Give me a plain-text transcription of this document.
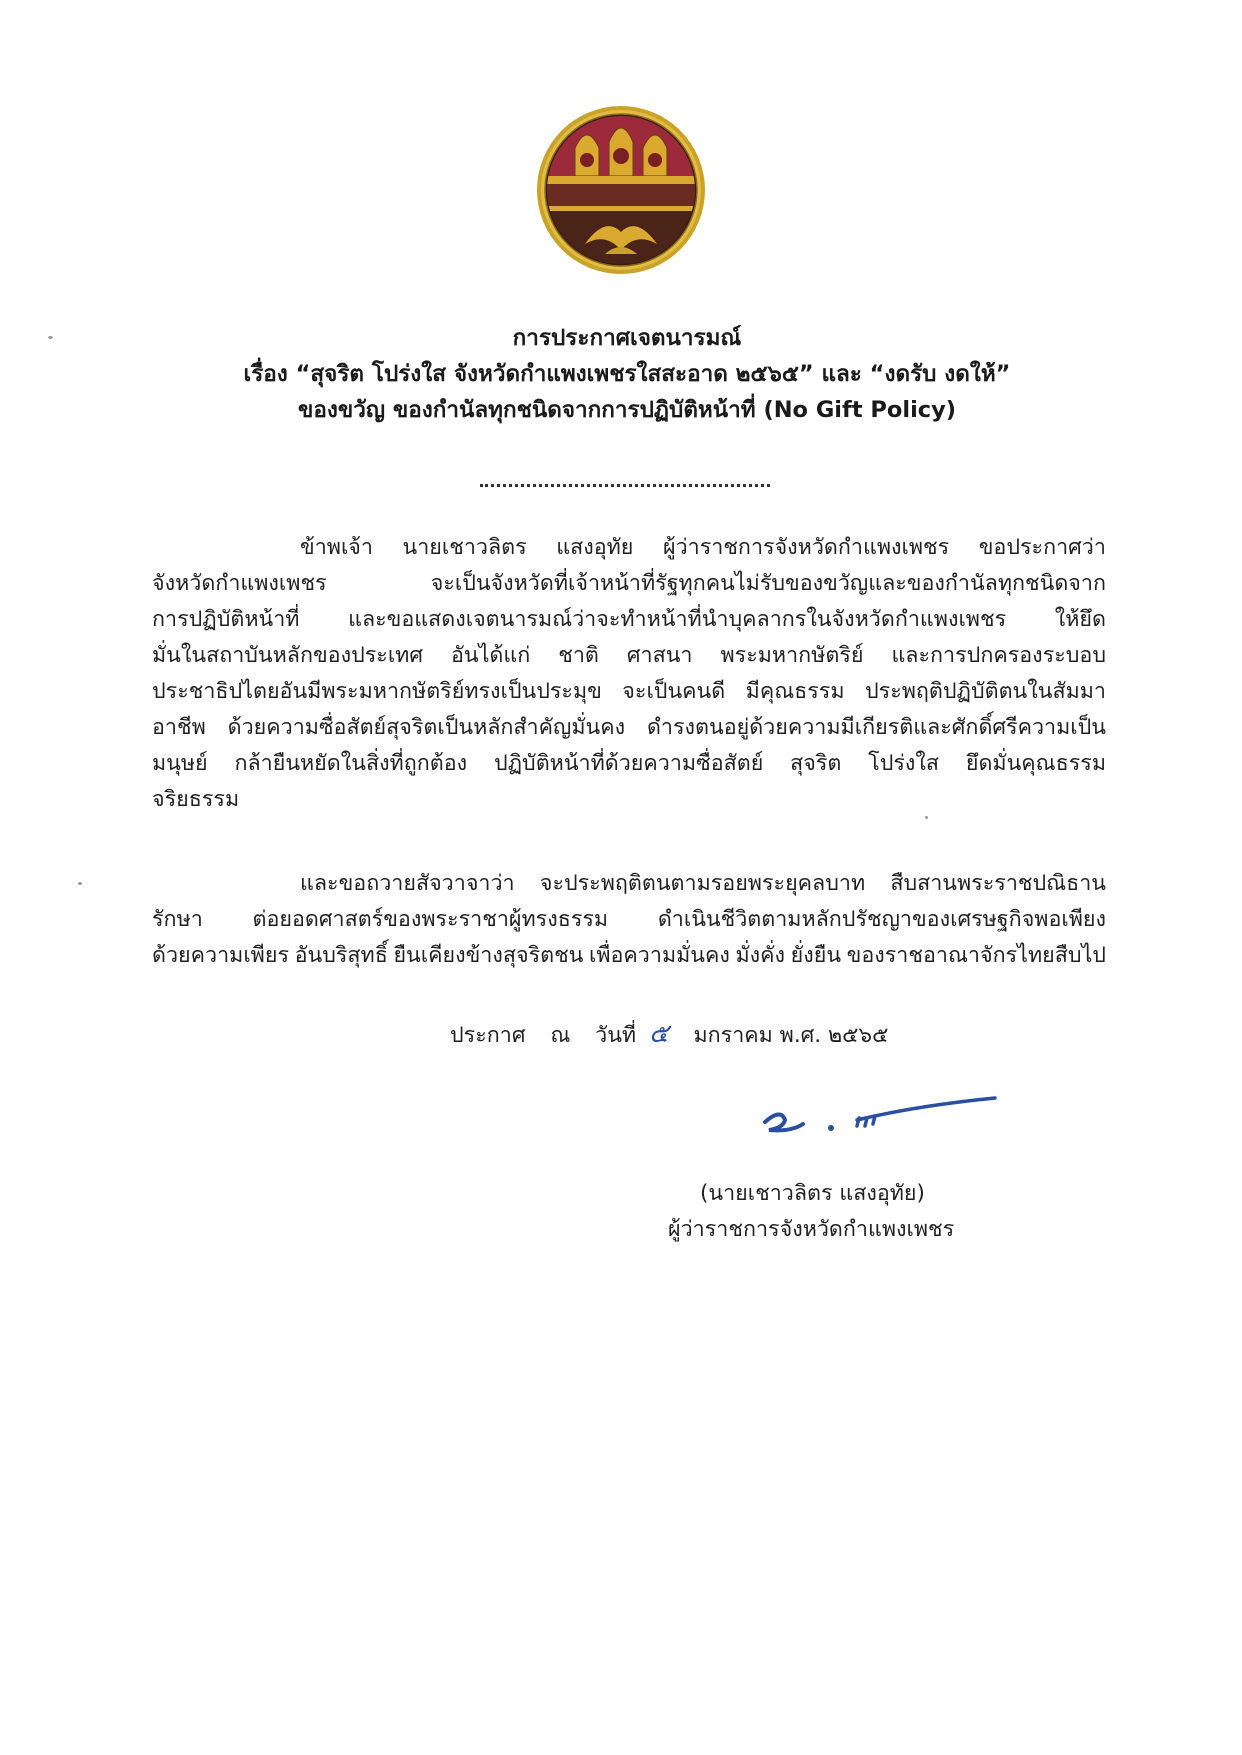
การประกาศเจตนารมณ์
เรื่อง “สุจริต โปร่งใส จังหวัดกำแพงเพชรใสสะอาด ๒๕๖๕” และ “งดรับ งดให้”
ของขวัญ ของกำนัลทุกชนิดจากการปฏิบัติหน้าที่ (No Gift Policy)
ข้าพเจ้า นายเชาวลิตร แสงอุทัย ผู้ว่าราชการจังหวัดกำแพงเพชร ขอประกาศว่า
จังหวัดกำแพงเพชร	จะเป็นจังหวัดที่เจ้าหน้าที่รัฐทุกคนไม่รับของขวัญและของกำนัลทุกชนิดจาก
การปฏิบัติหน้าที่ และขอแสดงเจตนารมณ์ว่าจะทำหน้าที่นำบุคลากรในจังหวัดกำแพงเพชร ให้ยึด
มั่นในสถาบันหลักของประเทศ อันได้แก่ ชาติ ศาสนา พระมหากษัตริย์ และการปกครองระบอบ
ประชาธิปไตยอันมีพระมหากษัตริย์ทรงเป็นประมุข จะเป็นคนดี มีคุณธรรม ประพฤติปฏิบัติตนในสัมมา
อาชีพ ด้วยความซื่อสัตย์สุจริตเป็นหลักสำคัญมั่นคง ดำรงตนอยู่ด้วยความมีเกียรติและศักดิ์ศรีความเป็น
มนุษย์ กล้ายืนหยัดในสิ่งที่ถูกต้อง ปฏิบัติหน้าที่ด้วยความซื่อสัตย์ สุจริต โปร่งใส ยึดมั่นคุณธรรม
จริยธรรม
และขอถวายสัจวาจาว่า จะประพฤติตนตามรอยพระยุคลบาท สืบสานพระราชปณิธาน
รักษา ต่อยอดศาสตร์ของพระราชาผู้ทรงธรรม ดำเนินชีวิตตามหลักปรัชญาของเศรษฐกิจพอเพียง
ด้วยความเพียร อันบริสุทธิ์ ยืนเคียงข้างสุจริตชน เพื่อความมั่นคง มั่งคั่ง ยั่งยืน ของราชอาณาจักรไทยสืบไป
ประกาศ ณ วันที่ ๕ มกราคม พ.ศ. ๒๕๖๕
(นายเชาวลิตร แสงอุทัย)
ผู้ว่าราชการจังหวัดกำแพงเพชร
